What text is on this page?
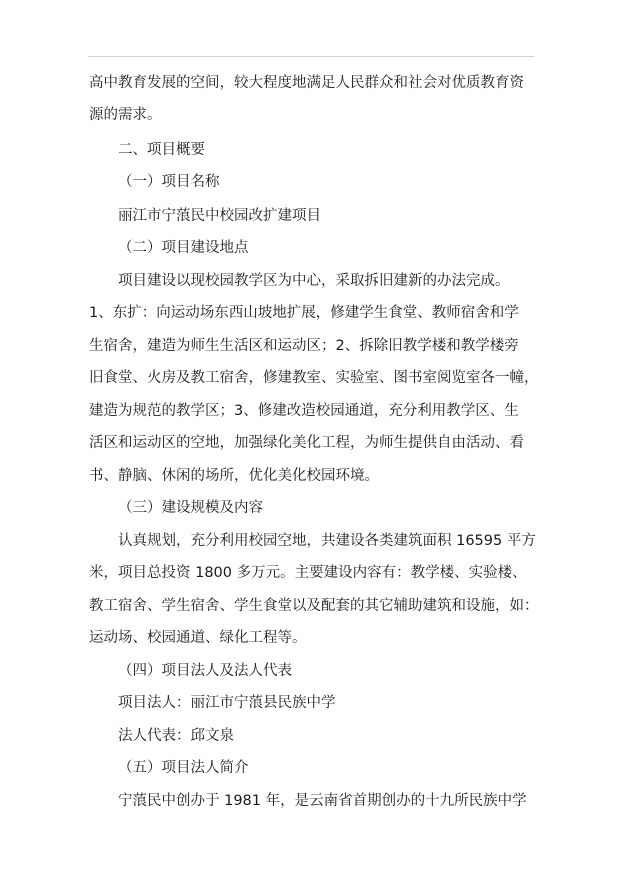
高中教育发展的空间，较大程度地满足人民群众和社会对优质教育资
源的需求。
二、项目概要
（一）项目名称
丽江市宁蒗民中校园改扩建项目
（二）项目建设地点
项目建设以现校园教学区为中心，采取拆旧建新的办法完成。
1、东扩：向运动场东西山坡地扩展，修建学生食堂、教师宿舍和学
生宿舍，建造为师生生活区和运动区；2、拆除旧教学楼和教学楼旁
旧食堂、火房及教工宿舍，修建教室、实验室、图书室阅览室各一幢，
建造为规范的教学区；3、修建改造校园通道，充分利用教学区、生
活区和运动区的空地，加强绿化美化工程，为师生提供自由活动、看
书、静脑、休闲的场所，优化美化校园环境。
（三）建设规模及内容
认真规划，充分利用校园空地，共建设各类建筑面积 16595 平方
米，项目总投资 1800 多万元。主要建设内容有：教学楼、实验楼、
教工宿舍、学生宿舍、学生食堂以及配套的其它辅助建筑和设施，如：
运动场、校园通道、绿化工程等。
（四）项目法人及法人代表
项目法人：丽江市宁蒗县民族中学
法人代表：邱文泉
（五）项目法人简介
宁蒗民中创办于 1981 年，是云南省首期创办的十九所民族中学
